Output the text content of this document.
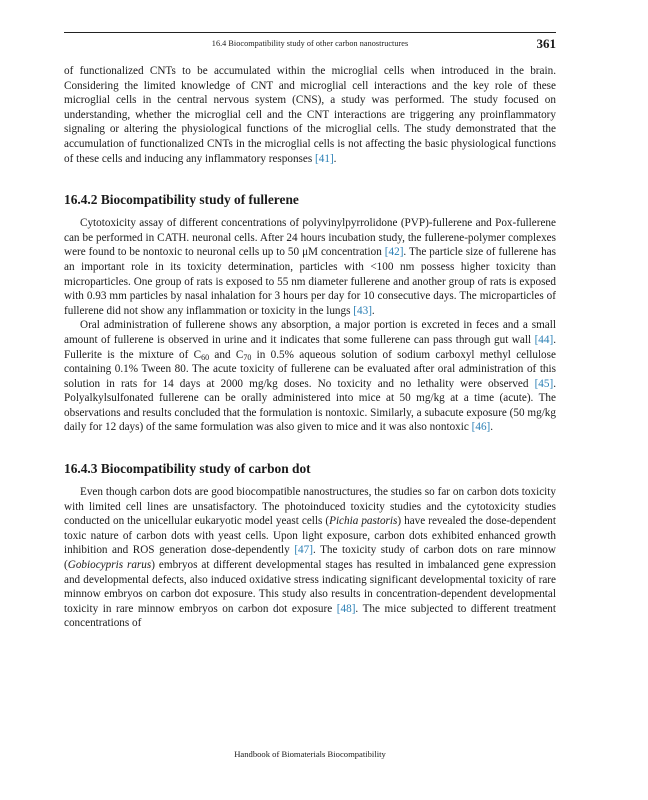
16.4 Biocompatibility study of other carbon nanostructures	361

of functionalized CNTs to be accumulated within the microglial cells when introduced in the brain. Considering the limited knowledge of CNT and microglial cell interactions and the key role of these microglial cells in the central nervous system (CNS), a study was performed. The study focused on understanding, whether the microglial cell and the CNT interactions are triggering any proinflammatory signaling or altering the physiological functions of the microglial cells. The study demonstrated that the accumulation of functionalized CNTs in the microglial cells is not affecting the basic physiological functions of these cells and inducing any inflammatory responses [41].

16.4.2 Biocompatibility study of fullerene

Cytotoxicity assay of different concentrations of polyvinylpyrrolidone (PVP)-fullerene and Pox-fullerene can be performed in CATH. neuronal cells. After 24 hours incubation study, the fullerene-polymer complexes were found to be nontoxic to neuronal cells up to 50 μM concentration [42]. The particle size of fullerene has an important role in its toxicity determination, particles with <100 nm possess higher toxicity than microparticles. One group of rats is exposed to 55 nm diameter fullerene and another group of rats is exposed with 0.93 mm particles by nasal inhalation for 3 hours per day for 10 consecutive days. The microparticles of fullerene did not show any inflammation or toxicity in the lungs [43].

Oral administration of fullerene shows any absorption, a major portion is excreted in feces and a small amount of fullerene is observed in urine and it indicates that some fullerene can pass through gut wall [44]. Fullerite is the mixture of $C_{60}$ and $C_{70}$ in 0.5% aqueous solution of sodium carboxyl methyl cellulose containing 0.1% Tween 80. The acute toxicity of fullerene can be evaluated after oral administration of this solution in rats for 14 days at 2000 mg/kg doses. No toxicity and no lethality were observed [45]. Polyalkylsulfonated fullerene can be orally administered into mice at 50 mg/kg at a time (acute). The observations and results concluded that the formulation is nontoxic. Similarly, a subacute exposure (50 mg/kg daily for 12 days) of the same formulation was also given to mice and it was also nontoxic [46].

16.4.3 Biocompatibility study of carbon dot

Even though carbon dots are good biocompatible nanostructures, the studies so far on carbon dots toxicity with limited cell lines are unsatisfactory. The photoinduced toxicity studies and the cytotoxicity studies conducted on the unicellular eukaryotic model yeast cells (Pichia pastoris) have revealed the dose-dependent toxic nature of carbon dots with yeast cells. Upon light exposure, carbon dots exhibited enhanced growth inhibition and ROS generation dose-dependently [47]. The toxicity study of carbon dots on rare minnow (Gobiocypris rarus) embryos at different developmental stages has resulted in imbalanced gene expression and developmental defects, also induced oxidative stress indicating significant developmental toxicity of rare minnow embryos on carbon dot exposure. This study also results in concentration-dependent developmental toxicity in rare minnow embryos on carbon dot exposure [48]. The mice subjected to different treatment concentrations of

Handbook of Biomaterials Biocompatibility
